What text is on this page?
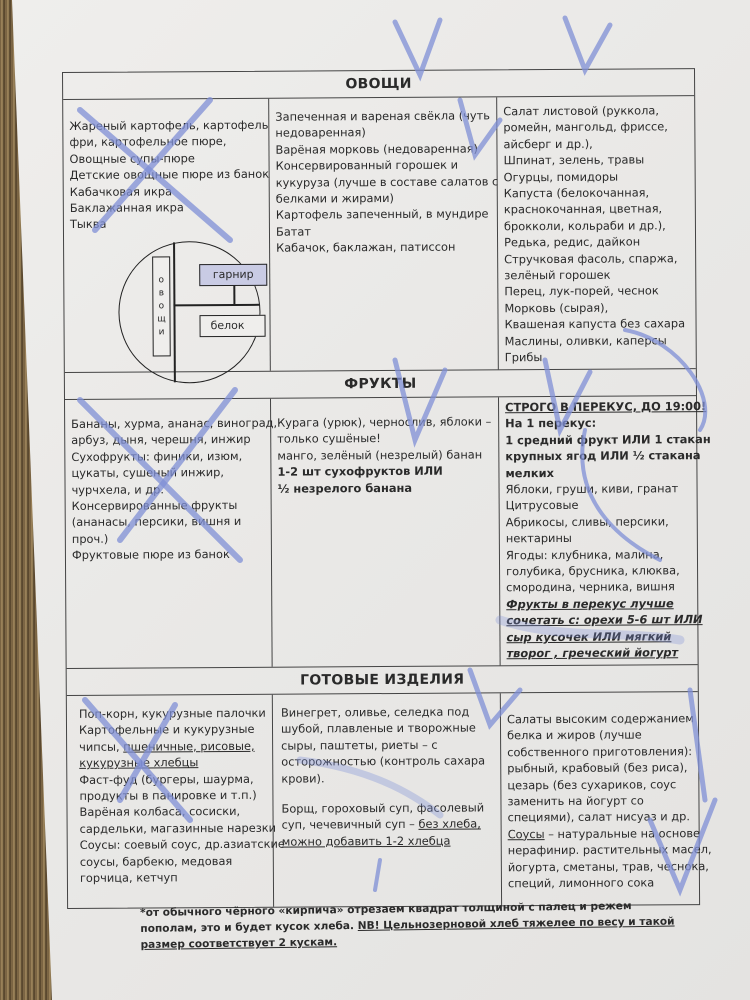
ОВОЩИ
Жареный картофель, картофель
фри, картофельное пюре,
Овощные супы-пюре
Детские овощные пюре из банок
Кабачковая икра
Баклажанная икра
Тыква
о
в
о
щ
и
гарнир
белок
Запеченная и вареная свёкла (чуть
недоваренная)
Варёная морковь (недоваренная)
Консервированный горошек и
кукуруза (лучше в составе салатов с
белками и жирами)
Картофель запеченный, в мундире
Батат
Кабачок, баклажан, патиссон
Салат листовой (руккола,
ромейн, мангольд, фриссе,
айсберг и др.),
Шпинат, зелень, травы
Огурцы, помидоры
Капуста (белокочанная,
краснокочанная, цветная,
брокколи, кольраби и др.),
Редька, редис, дайкон
Стручковая фасоль, спаржа,
зелёный горошек
Перец, лук-порей, чеснок
Морковь (сырая),
Квашеная капуста без сахара
Маслины, оливки, каперсы
Грибы
ФРУКТЫ
Бананы, хурма, ананас, виноград,
арбуз, дыня, черешня, инжир
Сухофрукты: финики, изюм,
цукаты, сушеный инжир,
чурчхела, и др.
Консервированные фрукты
(ананасы, персики, вишня и
проч.)
Фруктовые пюре из банок
Курага (урюк), чернослив, яблоки –
только сушёные!
манго, зелёный (незрелый) банан
1-2 шт сухофруктов ИЛИ
½ незрелого банана
СТРОГО В ПЕРЕКУС, ДО 19:00!
На 1 перекус:
1 средний фрукт ИЛИ 1 стакан
крупных ягод ИЛИ ½ стакана
мелких
Яблоки, груши, киви, гранат
Цитрусовые
Абрикосы, сливы, персики,
нектарины
Ягоды: клубника, малина,
голубика, брусника, клюква,
смородина, черника, вишня
Фрукты в перекус лучше
сочетать с: орехи 5-6 шт ИЛИ
сыр кусочек ИЛИ мягкий
творог , греческий йогурт
ГОТОВЫЕ ИЗДЕЛИЯ
Поп-корн, кукурузные палочки
Картофельные и кукурузные
чипсы, пшеничные, рисовые,
кукурузные хлебцы
Фаст-фуд (бургеры, шаурма,
продукты в панировке и т.п.)
Варёная колбаса, сосиски,
сардельки, магазинные нарезки
Соусы: соевый соус, др.азиатские
соусы, барбекю, медовая
горчица, кетчуп
Винегрет, оливье, селедка под
шубой, плавленые и творожные
сыры, паштеты, риеты – с
осторожностью (контроль сахара
крови).
Борщ, гороховый суп, фасолевый
суп, чечевичный суп – без хлеба,
можно добавить 1-2 хлебца
Салаты высоким содержанием
белка и жиров (лучше
собственного приготовления):
рыбный, крабовый (без риса),
цезарь (без сухариков, соус
заменить на йогурт со
специями), салат нисуаз и др.
Соусы – натуральные на основе
нерафинир. растительных масел,
йогурта, сметаны, трав, чеснока,
специй, лимонного сока
*от обычного чёрного «кирпича» отрезаем квадрат толщиной с палец и режем пополам, это и будет кусок хлеба. NB! Цельнозерновой хлеб тяжелее по весу и такой размер соответствует 2 кускам.
